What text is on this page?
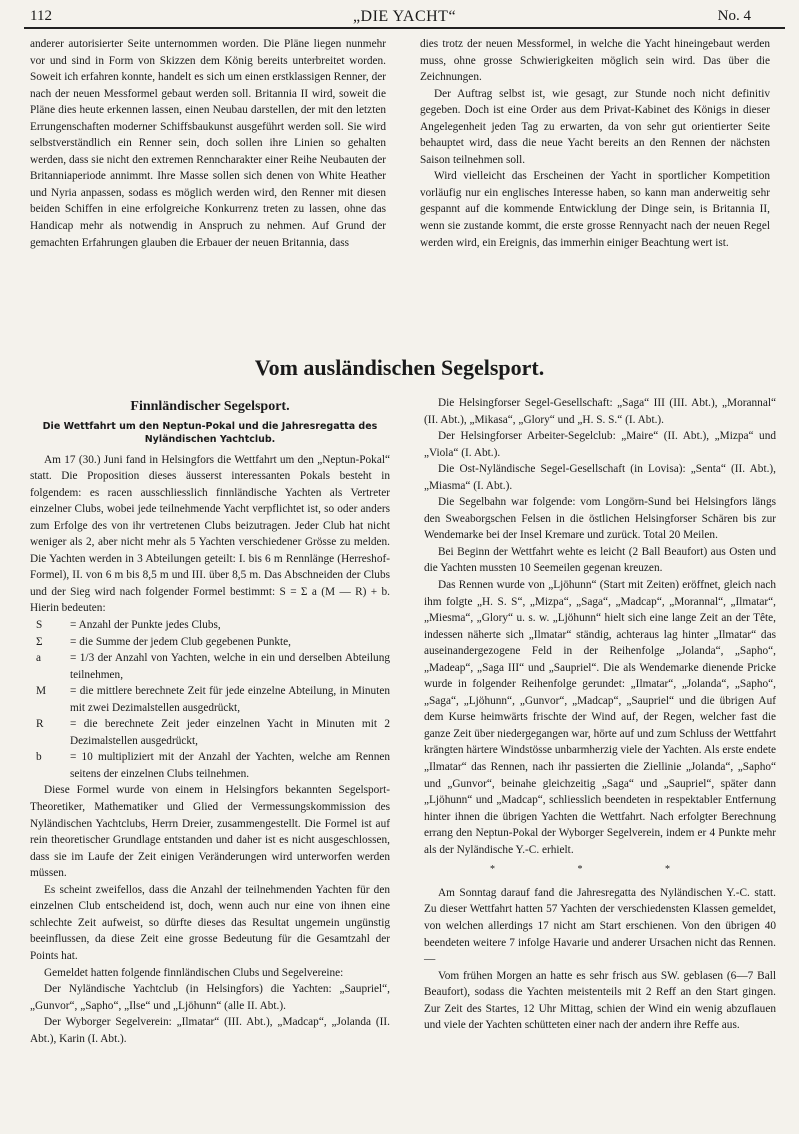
112	„DIE YACHT“	No. 4

anderer autorisierter Seite unternommen worden. Die Pläne liegen nunmehr vor und sind in Form von Skizzen dem König bereits unterbreitet worden. Soweit ich erfahren konnte, handelt es sich um einen erstklassigen Renner, der nach der neuen Messformel gebaut werden soll. Britannia II wird, soweit die Pläne dies heute erkennen lassen, einen Neubau darstellen, der mit den letzten Errungenschaften moderner Schiffsbaukunst ausgeführt werden soll. Sie wird selbstverständlich ein Renner sein, doch sollen ihre Linien so gehalten werden, dass sie nicht den extremen Renncharakter einer Reihe Neubauten der Britanniaperiode annimmt. Ihre Masse sollen sich denen von White Heather und Nyria anpassen, sodass es möglich werden wird, den Renner mit diesen beiden Schiffen in eine erfolgreiche Konkurrenz treten zu lassen, ohne das Handicap mehr als notwendig in Anspruch zu nehmen. Auf Grund der gemachten Erfahrungen glauben die Erbauer der neuen Britannia, dass

dies trotz der neuen Messformel, in welche die Yacht hineingebaut werden muss, ohne grosse Schwierigkeiten möglich sein wird. Das über die Zeichnungen.

Der Auftrag selbst ist, wie gesagt, zur Stunde noch nicht definitiv gegeben. Doch ist eine Order aus dem Privat-Kabinet des Königs in dieser Angelegenheit jeden Tag zu erwarten, da von sehr gut orientierter Seite behauptet wird, dass die neue Yacht bereits an den Rennen der nächsten Saison teilnehmen soll.

Wird vielleicht das Erscheinen der Yacht in sportlicher Kompetition vorläufig nur ein englisches Interesse haben, so kann man anderweitig sehr gespannt auf die kommende Entwicklung der Dinge sein, is Britannia II, wenn sie zustande kommt, die erste grosse Rennyacht nach der neuen Regel werden wird, ein Ereignis, das immerhin einiger Beachtung wert ist.

Vom ausländischen Segelsport.
Finnländischer Segelsport.
Die Wettfahrt um den Neptun-Pokal und die Jahresregatta des Nyländischen Yachtclub.

Am 17 (30.) Juni fand in Helsingfors die Wettfahrt um den „Neptun-Pokal“ statt. Die Proposition dieses äusserst interessanten Pokals besteht in folgendem: es racen ausschliesslich finnländische Yachten als Vertreter einzelner Clubs, wobei jede teilnehmende Yacht verpflichtet ist, so oder anders zum Erfolge des von ihr vertretenen Clubs beizutragen. Jeder Club hat nicht weniger als 2, aber nicht mehr als 5 Yachten verschiedener Grösse zu melden. Die Yachten werden in 3 Abteilungen geteilt: I. bis 6 m Rennlänge (Herreshof-Formel), II. von 6 m bis 8,5 m und III. über 8,5 m. Das Abschneiden der Clubs und der Sieg wird nach folgender Formel bestimmt: S = Σ a (M — R) + b. Hierin bedeuten:

S	= Anzahl der Punkte jedes Clubs,
Σ	= die Summe der jedem Club gegebenen Punkte,
a	= 1/3 der Anzahl von Yachten, welche in ein und derselben Abteilung teilnehmen,
M	= die mittlere berechnete Zeit für jede einzelne Abteilung, in Minuten mit zwei Dezimalstellen ausgedrückt,
R	= die berechnete Zeit jeder einzelnen Yacht in Minuten mit 2 Dezimalstellen ausgedrückt,
b	= 10 multipliziert mit der Anzahl der Yachten, welche am Rennen seitens der einzelnen Clubs teilnehmen.

Diese Formel wurde von einem in Helsingfors bekannten Segelsport-Theoretiker, Mathematiker und Glied der Vermessungskommission des Nyländischen Yachtclubs, Herrn Dreier, zusammengestellt. Die Formel ist auf rein theoretischer Grundlage entstanden und daher ist es nicht ausgeschlossen, dass sie im Laufe der Zeit einigen Veränderungen wird unterworfen werden müssen.

Es scheint zweifellos, dass die Anzahl der teilnehmenden Yachten für den einzelnen Club entscheidend ist, doch, wenn auch nur eine von ihnen eine schlechte Zeit aufweist, so dürfte dieses das Resultat ungemein ungünstig beeinflussen, da diese Zeit eine grosse Bedeutung für die Gesamtzahl der Points hat.

Gemeldet hatten folgende finnländischen Clubs und Segelvereine:

Der Nyländische Yachtclub (in Helsingfors) die Yachten: „Saupriel“, „Gunvor“, „Sapho“, „Ilse“ und „Ljöhunn“ (alle II. Abt.).

Der Wyborger Segelverein: „Ilmatar“ (III. Abt.), „Madcap“, „Jolanda (II. Abt.), Karin (I. Abt.).

Die Helsingforser Segel-Gesellschaft: „Saga“ III (III. Abt.), „Morannal“ (II. Abt.), „Mikasa“, „Glory“ und „H. S. S.“ (I. Abt.).

Der Helsingforser Arbeiter-Segelclub: „Maire“ (II. Abt.), „Mizpa“ und „Viola“ (I. Abt.).

Die Ost-Nyländische Segel-Gesellschaft (in Lovisa): „Senta“ (II. Abt.), „Miasma“ (I. Abt.).

Die Segelbahn war folgende: vom Longörn-Sund bei Helsingfors längs den Sweaborgschen Felsen in die östlichen Helsingforser Schären bis zur Wendemarke bei der Insel Kremare und zurück. Total 20 Meilen.

Bei Beginn der Wettfahrt wehte es leicht (2 Ball Beaufort) aus Osten und die Yachten mussten 10 Seemeilen gegenan kreuzen.

Das Rennen wurde von „Ljöhunn“ (Start mit Zeiten) eröffnet, gleich nach ihm folgte „H. S. S“, „Mizpa“, „Saga“, „Madcap“, „Morannal“, „Ilmatar“, „Miesma“, „Glory“ u. s. w. „Ljöhunn“ hielt sich eine lange Zeit an der Tête, indessen näherte sich „Ilmatar“ ständig, achteraus lag hinter „Ilmatar“ das auseinandergezogene Feld in der Reihenfolge „Jolanda“, „Sapho“, „Madeap“, „Saga III“ und „Saupriel“. Die als Wendemarke dienende Pricke wurde in folgender Reihenfolge gerundet: „Ilmatar“, „Jolanda“, „Sapho“, „Saga“, „Ljöhunn“, „Gunvor“, „Madcap“, „Saupriel“ und die übrigen Auf dem Kurse heimwärts frischte der Wind auf, der Regen, welcher fast die ganze Zeit über niedergegangen war, hörte auf und zum Schluss der Wettfahrt krängten härtere Windstösse unbarmherzig viele der Yachten. Als erste endete „Ilmatar“ das Rennen, nach ihr passierten die Ziellinie „Jolanda“, „Sapho“ und „Gunvor“, beinahe gleichzeitig „Saga“ und „Saupriel“, später dann „Ljöhunn“ und „Madcap“, schliesslich beendeten in respektabler Entfernung hinter ihnen die übrigen Yachten die Wettfahrt. Nach erfolgter Berechnung errang den Neptun-Pokal der Wyborger Segelverein, indem er 4 Punkte mehr als der Nyländische Y.-C. erhielt.

* * *

Am Sonntag darauf fand die Jahresregatta des Nyländischen Y.-C. statt. Zu dieser Wettfahrt hatten 57 Yachten der verschiedensten Klassen gemeldet, von welchen allerdings 17 nicht am Start erschienen. Von den übrigen 40 beendeten weitere 7 infolge Havarie und anderer Ursachen nicht das Rennen. —

Vom frühen Morgen an hatte es sehr frisch aus SW. geblasen (6—7 Ball Beaufort), sodass die Yachten meistenteils mit 2 Reff an den Start gingen. Zur Zeit des Startes, 12 Uhr Mittag, schien der Wind ein wenig abzuflauen und viele der Yachten schütteten einer nach der andern ihre Reffe aus.
